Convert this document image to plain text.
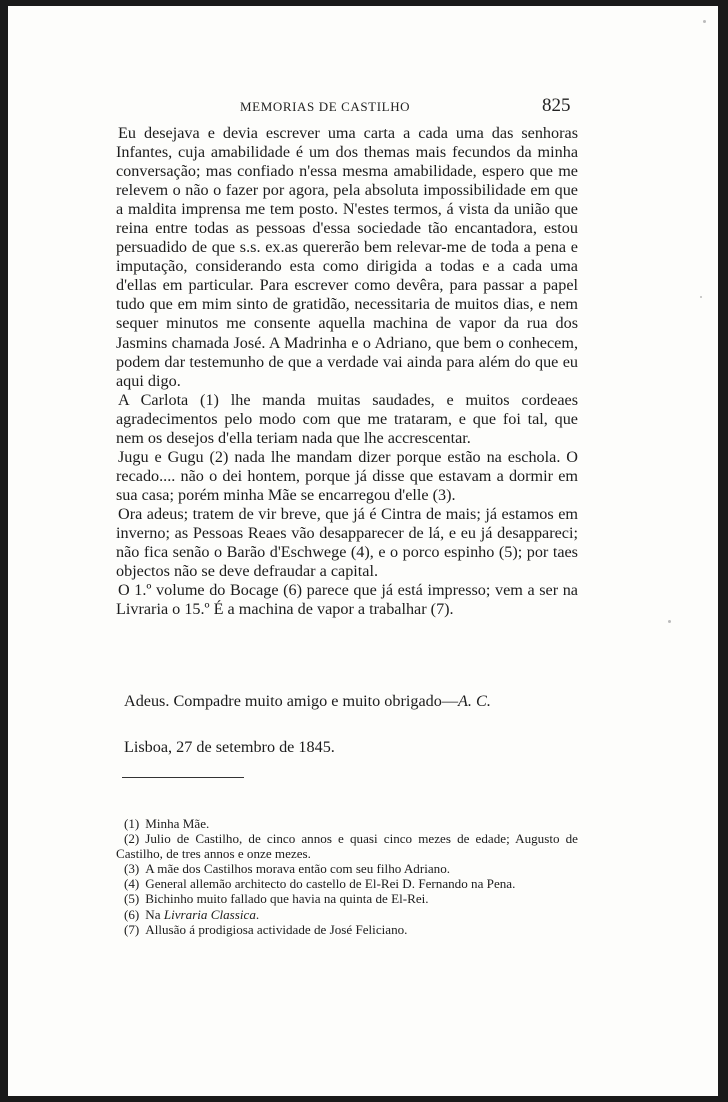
MEMORIAS DE CASTILHO	825

Eu desejava e devia escrever uma carta a cada uma das senhoras Infantes, cuja amabilidade é um dos themas mais fecundos da minha conversação; mas confiado n'essa mesma amabilidade, espero que me relevem o não o fazer por agora, pela absoluta impossibilidade em que a maldita imprensa me tem posto. N'estes termos, á vista da união que reina entre todas as pessoas d'essa sociedade tão encantadora, estou persuadido de que s.s. ex.as quererão bem relevar-me de toda a pena e imputação, considerando esta como dirigida a todas e a cada uma d'ellas em particular. Para escrever como devêra, para passar a papel tudo que em mim sinto de gratidão, necessitaria de muitos dias, e nem sequer minutos me consente aquella machina de vapor da rua dos Jasmins chamada José. A Madrinha e o Adriano, que bem o conhecem, podem dar testemunho de que a verdade vai ainda para além do que eu aqui digo.

A Carlota (1) lhe manda muitas saudades, e muitos cordeaes agradecimentos pelo modo com que me trataram, e que foi tal, que nem os desejos d'ella teriam nada que lhe accrescentar.

Jugu e Gugu (2) nada lhe mandam dizer porque estão na eschola. O recado.... não o dei hontem, porque já disse que estavam a dormir em sua casa; porém minha Mãe se encarregou d'elle (3).

Ora adeus; tratem de vir breve, que já é Cintra de mais; já estamos em inverno; as Pessoas Reaes vão desapparecer de lá, e eu já desappareci; não fica senão o Barão d'Eschwege (4), e o porco espinho (5); por taes objectos não se deve defraudar a capital.

O 1.º volume do Bocage (6) parece que já está impresso; vem a ser na Livraria o 15.º É a machina de vapor a trabalhar (7).

Adeus. Compadre muito amigo e muito obrigado—A. C.
Lisboa, 27 de setembro de 1845.

(1) Minha Mãe.

(2) Julio de Castilho, de cinco annos e quasi cinco mezes de edade; Augusto de Castilho, de tres annos e onze mezes.

(3) A mãe dos Castilhos morava então com seu filho Adriano.

(4) General allemão architecto do castello de El-Rei D. Fernando na Pena.

(5) Bichinho muito fallado que havia na quinta de El-Rei.

(6) Na Livraria Classica.

(7) Allusão á prodigiosa actividade de José Feliciano.
